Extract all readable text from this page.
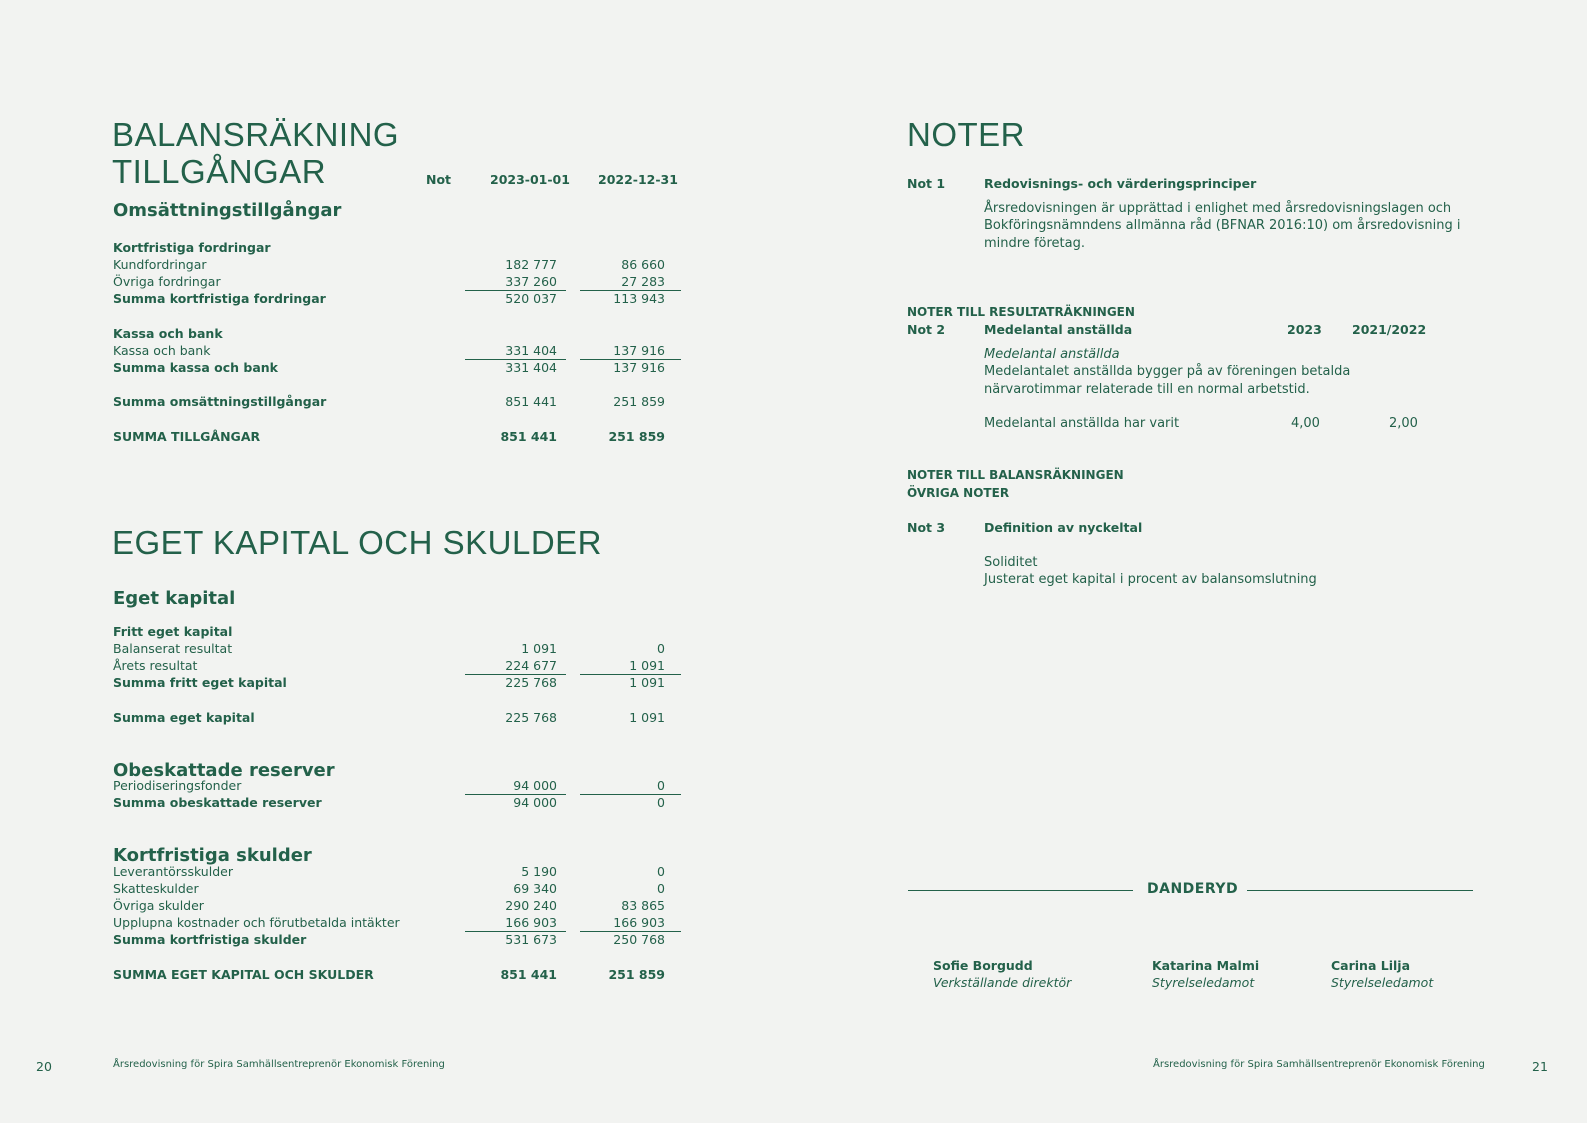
BALANSRÄKNING
TILLGÅNGAR	Not	2023-01-01 2022-12-31
Omsättningstillgångar
Kortfristiga fordringar
Kundfordringar	182 777	86 660
Övriga fordringar	337 260	27 283
Summa kortfristiga fordringar	520 037	113 943
Kassa och bank
Kassa och bank	331 404	137 916
Summa kassa och bank	331 404	137 916
Summa omsättningstillgångar	851 441	251 859
SUMMA TILLGÅNGAR	851 441	251 859
EGET KAPITAL OCH SKULDER
Eget kapital
Fritt eget kapital
Balanserat resultat	1 091	0
Årets resultat	224 677	1 091
Summa fritt eget kapital	225 768	1 091
Summa eget kapital	225 768	1 091
Obeskattade reserver
Periodiseringsfonder	94 000	0
Summa obeskattade reserver	94 000	0
Kortfristiga skulder
Leverantörsskulder	5 190	0
Skatteskulder	69 340	0
Övriga skulder	290 240	83 865
Upplupna kostnader och förutbetalda intäkter	166 903	166 903
Summa kortfristiga skulder	531 673	250 768
SUMMA EGET KAPITAL OCH SKULDER	851 441	251 859
20	Årsredovisning för Spira Samhällsentreprenör Ekonomisk Förening
NOTER
Not 1	Redovisnings- och värderingsprinciper
Årsredovisningen är upprättad i enlighet med årsredovisningslagen och
Bokföringsnämndens allmänna råd (BFNAR 2016:10) om årsredovisning i
mindre företag.
NOTER TILL RESULTATRÄKNINGEN
Not 2	Medelantal anställda	2023 2021/2022
Medelantal anställda
Medelantalet anställda bygger på av föreningen betalda
närvarotimmar relaterade till en normal arbetstid.
Medelantal anställda har varit	4,00	2,00
NOTER TILL BALANSRÄKNINGEN
ÖVRIGA NOTER
Not 3	Definition av nyckeltal
Soliditet
Justerat eget kapital i procent av balansomslutning
DANDERYD
Sofie Borgudd
Verkställande direktör
Katarina Malmi
Styrelseledamot
Carina Lilja
Styrelseledamot
Årsredovisning för Spira Samhällsentreprenör Ekonomisk Förening	21
